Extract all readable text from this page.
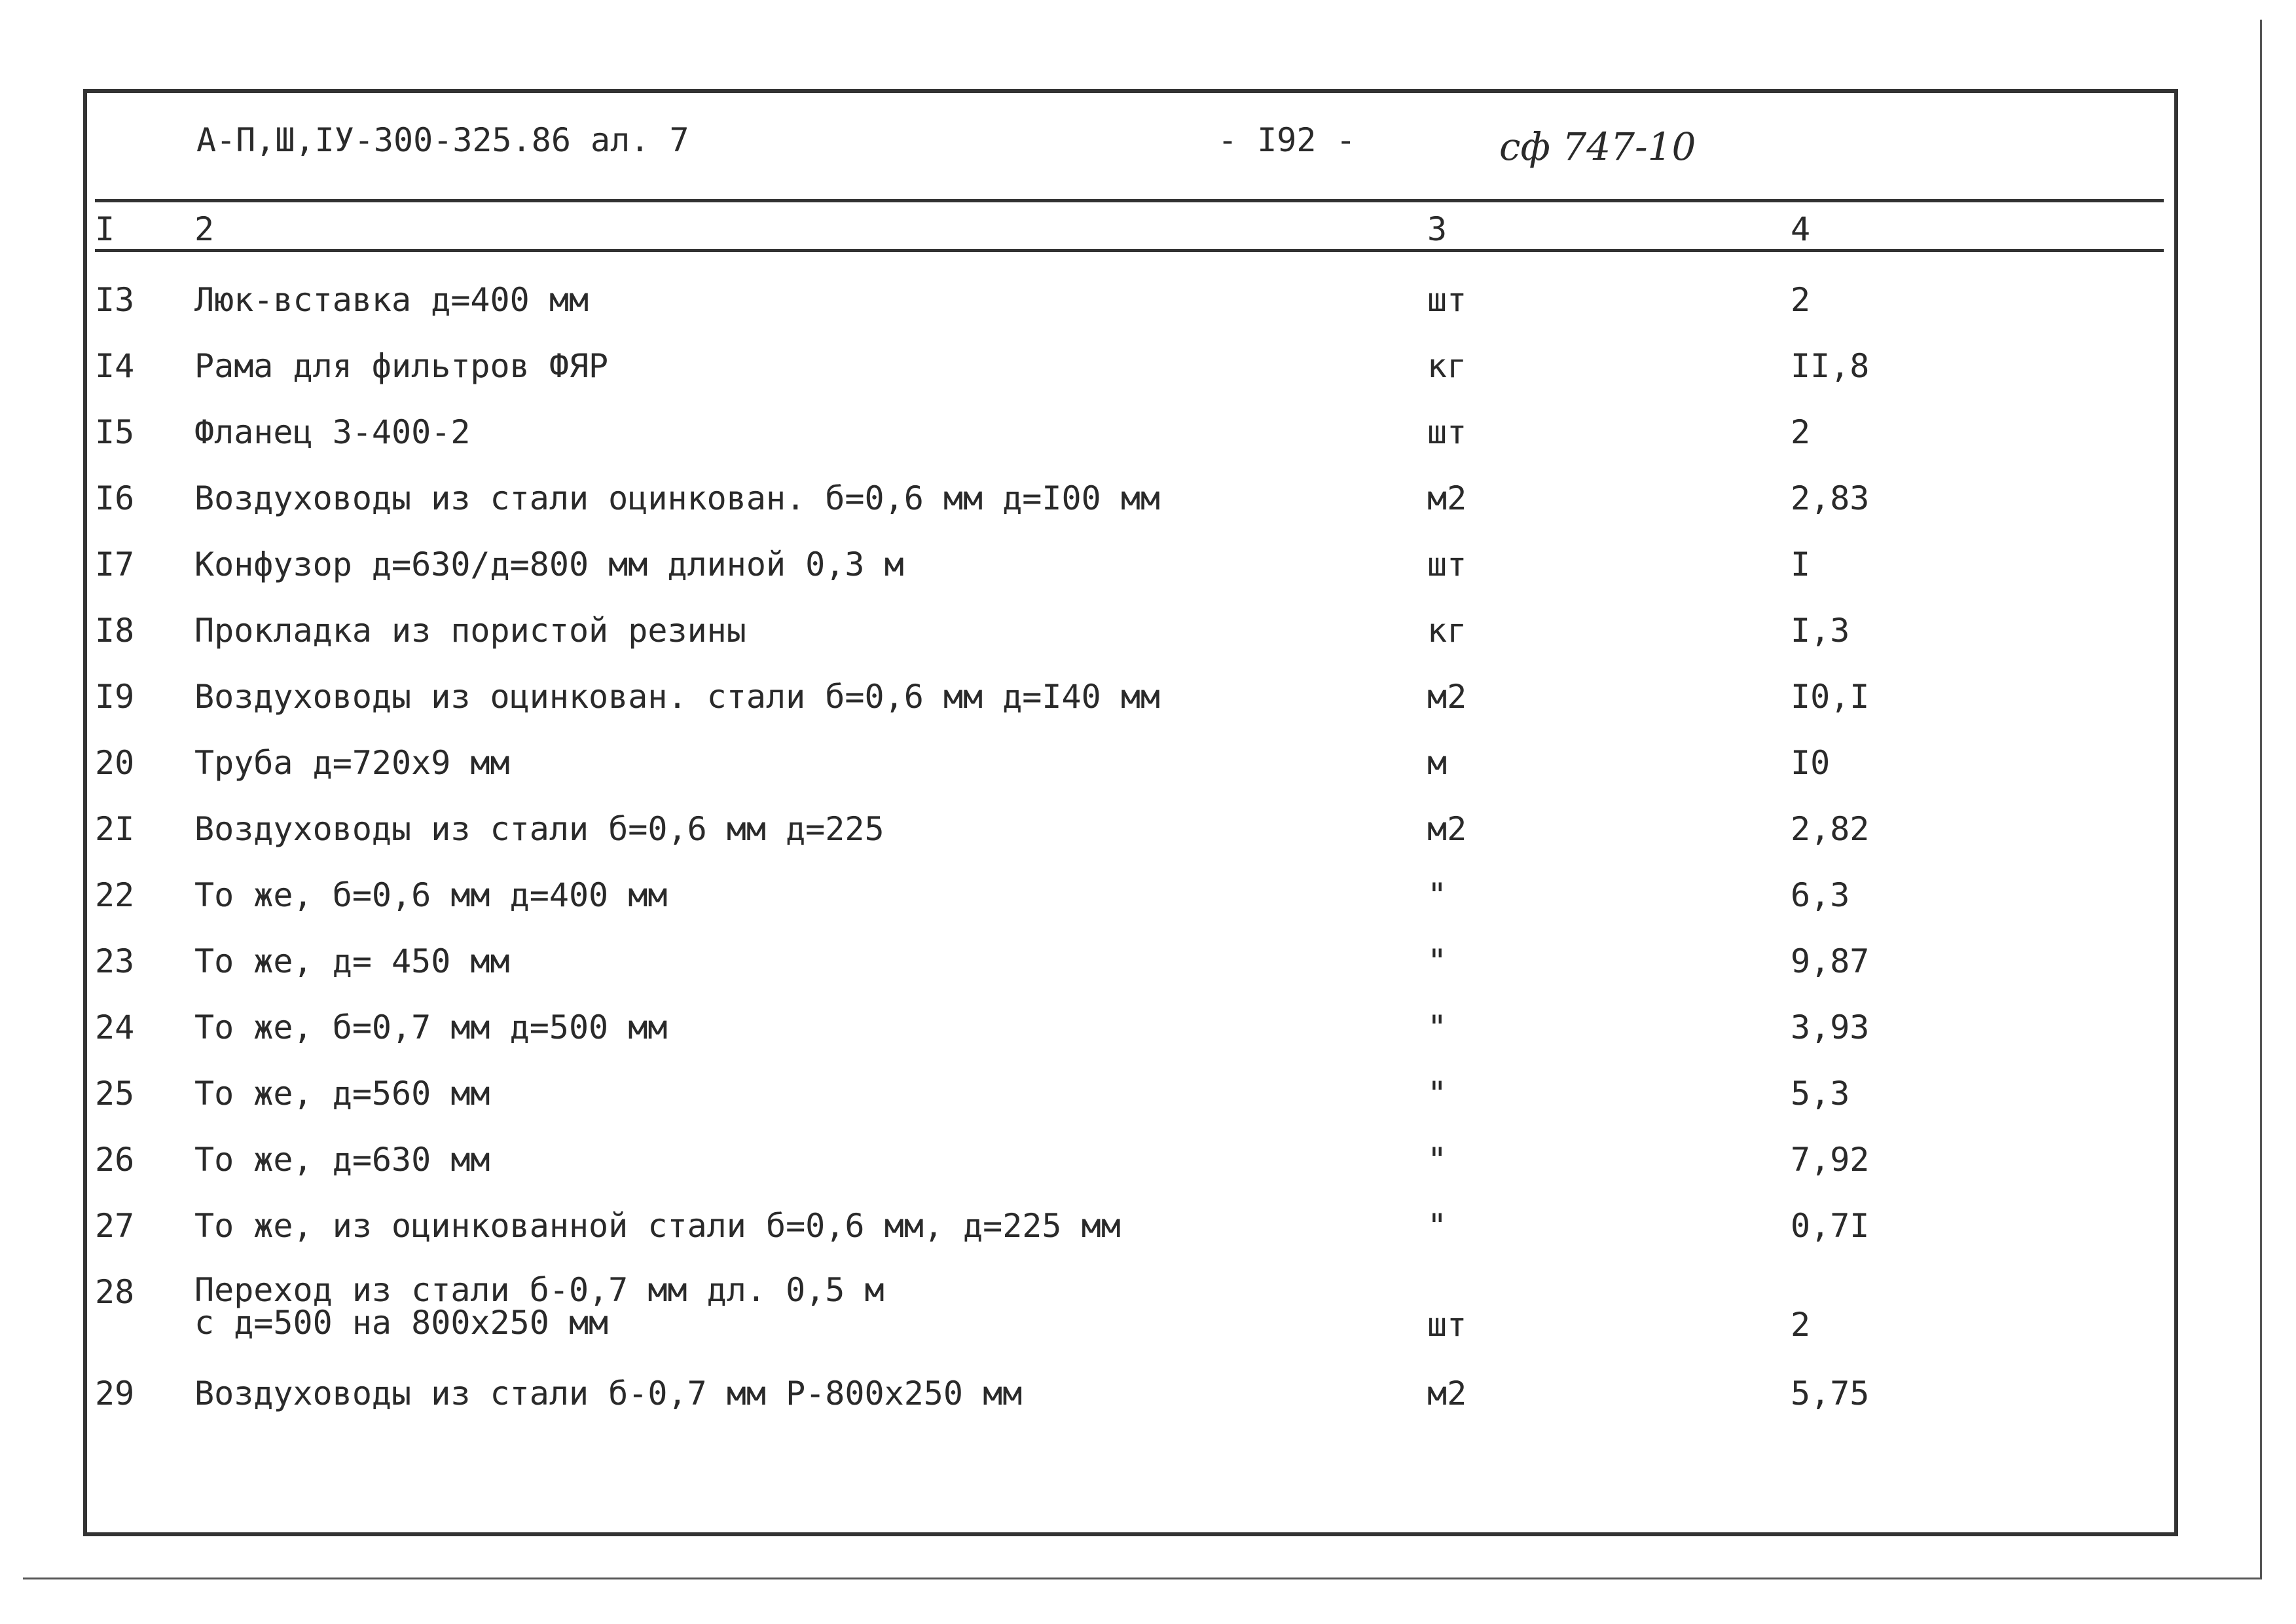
А-П,Ш,IУ-300-325.86 ал. 7	- I92 -	сф 747-10
I 2	3	4
I3 Люк-вставка д=400 мм	шт	2
I4 Рама для фильтров ФЯР	кг	II,8
I5 Фланец 3-400-2	шт	2
I6 Воздуховоды из стали оцинкован. б=0,6 мм д=I00 мм	м2	2,83
I7 Конфузор д=630/д=800 мм длиной 0,3 м	шт	I
I8 Прокладка из пористой резины	кг	I,3
I9 Воздуховоды из оцинкован. стали б=0,6 мм д=I40 мм	м2	I0,I
20 Труба д=720х9 мм	м	I0
2I Воздуховоды из стали б=0,6 мм д=225	м2	2,82
22 То же, б=0,6 мм д=400 мм	"	6,3
23 То же, д= 450 мм	"	9,87
24 То же, б=0,7 мм д=500 мм	"	3,93
25 То же, д=560 мм	"	5,3
26 То же, д=630 мм	"	7,92
27 То же, из оцинкованной стали б=0,6 мм, д=225 мм	"	0,7I
28 Переход из стали б-0,7 мм дл. 0,5 м
с д=500 на 800х250 мм	шт	2
29 Воздуховоды из стали б-0,7 мм Р-800х250 мм	м2	5,75
